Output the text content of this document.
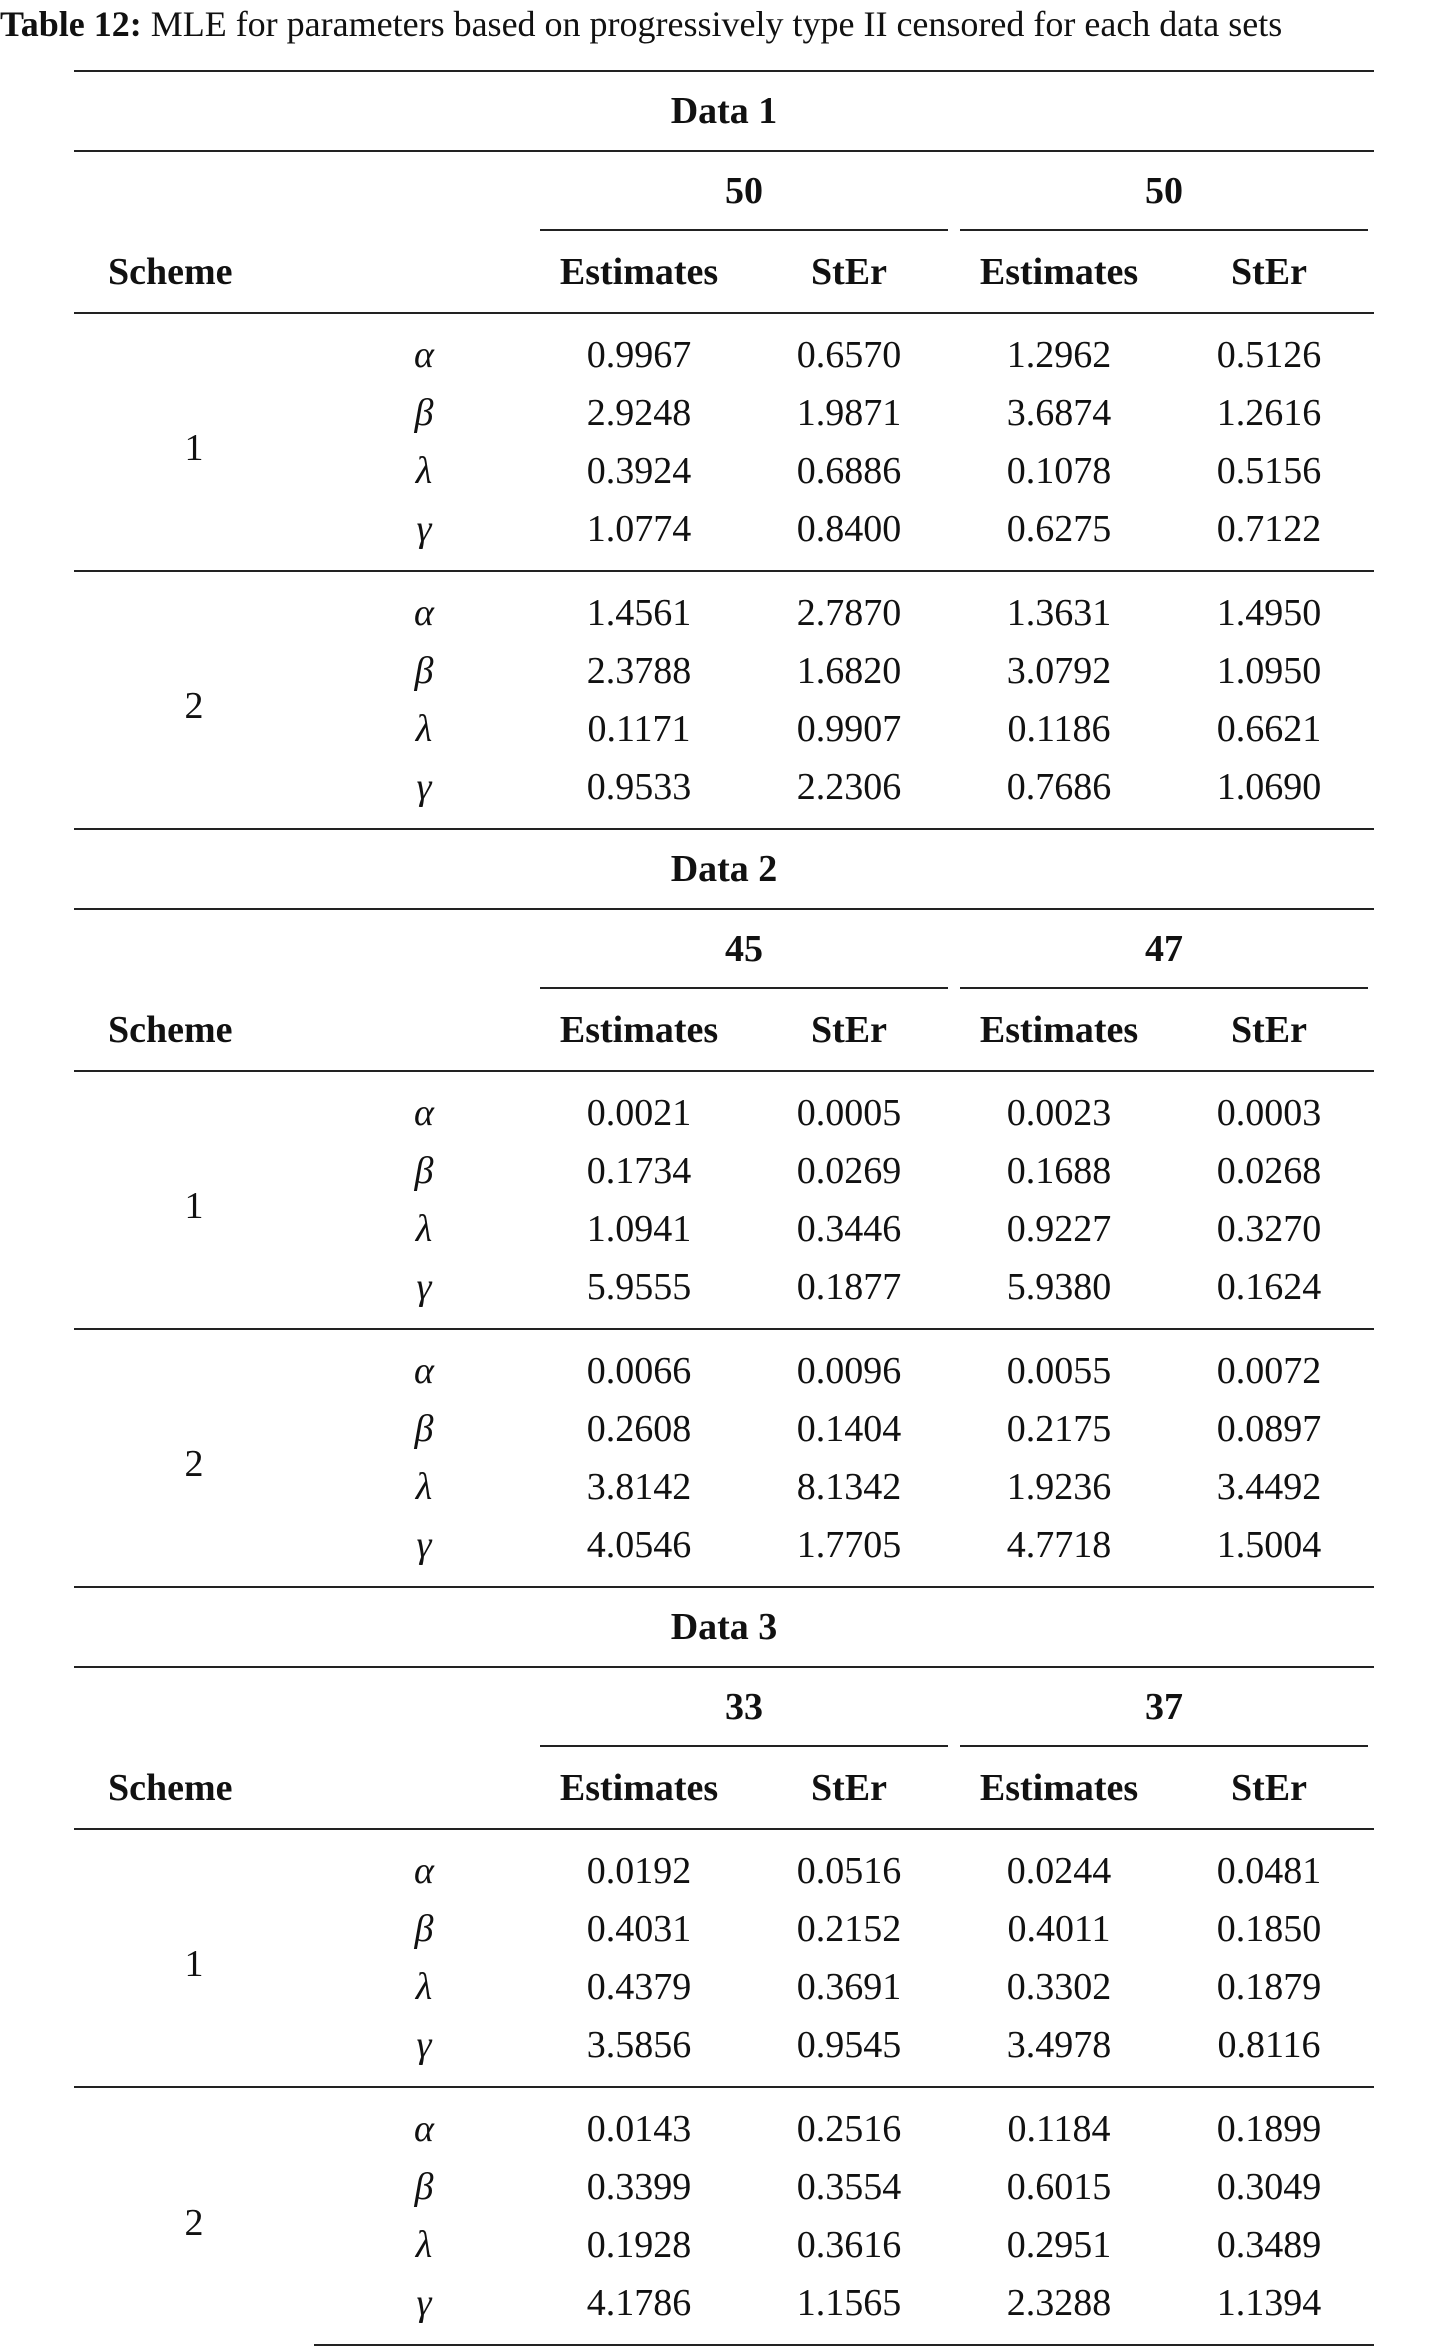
Table 12: MLE for parameters based on progressively type II censored for each data sets
Data 1					

		50		50	

Scheme		Estimates	StEr	Estimates	StEr
1	α	0.9967	0.6570	1.2962	0.5126
	β	2.9248	1.9871	3.6874	1.2616
	λ	0.3924	0.6886	0.1078	0.5156
	γ	1.0774	0.8400	0.6275	0.7122
2	α	1.4561	2.7870	1.3631	1.4950
	β	2.3788	1.6820	3.0792	1.0950
	λ	0.1171	0.9907	0.1186	0.6621
	γ	0.9533	2.2306	0.7686	1.0690
Data 2					

		45		47	

Scheme		Estimates	StEr	Estimates	StEr
1	α	0.0021	0.0005	0.0023	0.0003
	β	0.1734	0.0269	0.1688	0.0268
	λ	1.0941	0.3446	0.9227	0.3270
	γ	5.9555	0.1877	5.9380	0.1624
2	α	0.0066	0.0096	0.0055	0.0072
	β	0.2608	0.1404	0.2175	0.0897
	λ	3.8142	8.1342	1.9236	3.4492
	γ	4.0546	1.7705	4.7718	1.5004
Data 3					

		33		37	

Scheme		Estimates	StEr	Estimates	StEr
1	α	0.0192	0.0516	0.0244	0.0481
	β	0.4031	0.2152	0.4011	0.1850
	λ	0.4379	0.3691	0.3302	0.1879
	γ	3.5856	0.9545	3.4978	0.8116
2	α	0.0143	0.2516	0.1184	0.1899
	β	0.3399	0.3554	0.6015	0.3049
	λ	0.1928	0.3616	0.2951	0.3489
	γ	4.1786	1.1565	2.3288	1.1394
